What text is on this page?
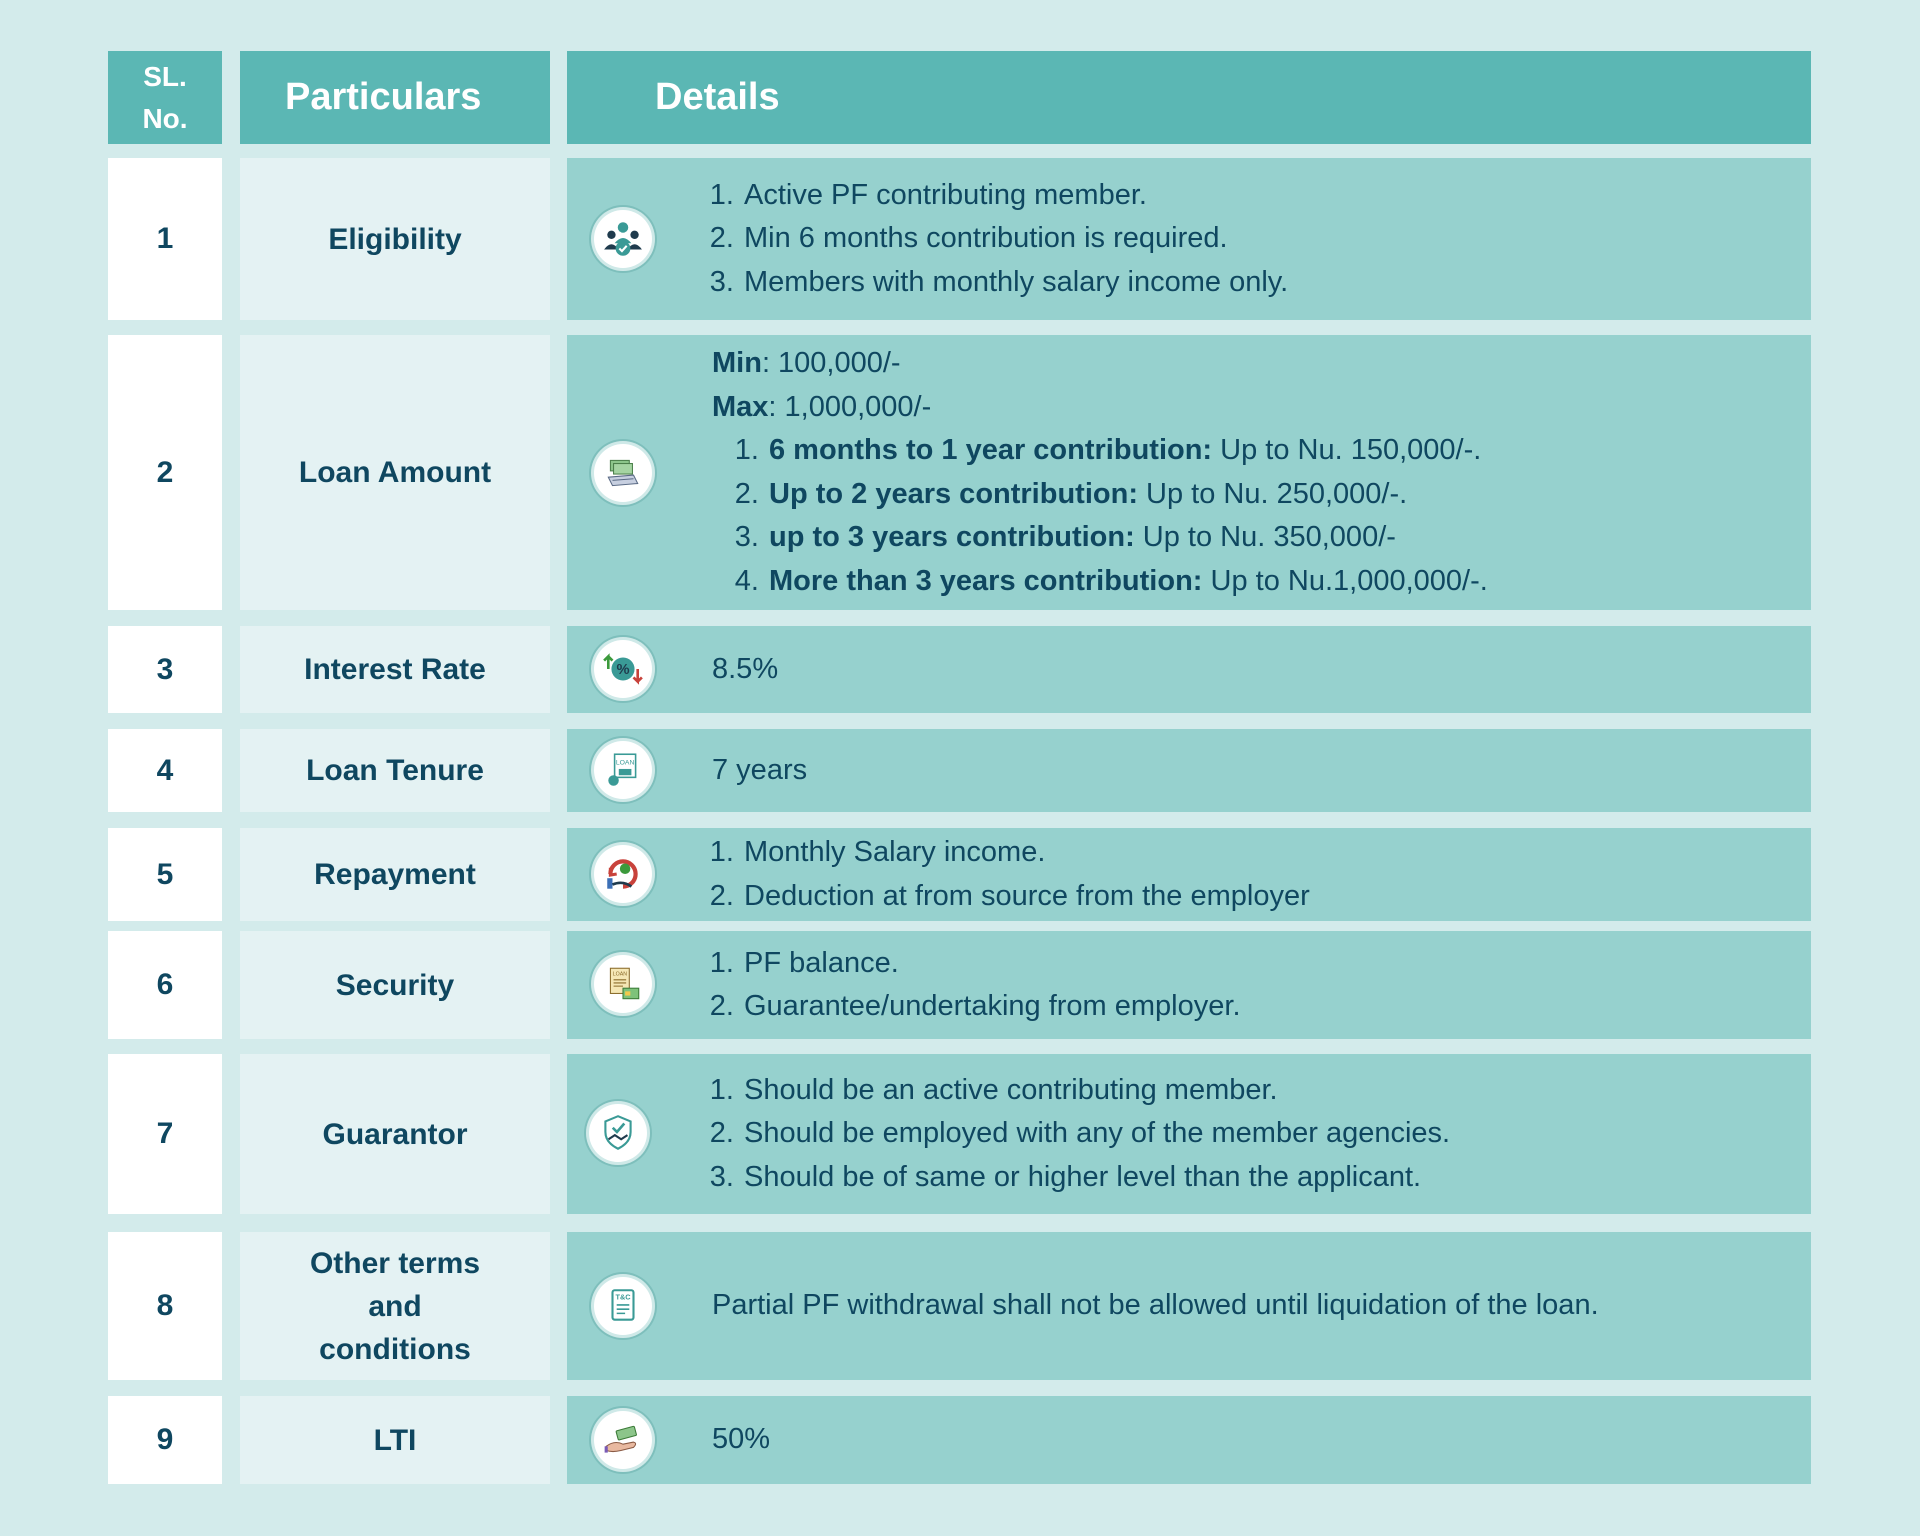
SL.
No.	Particulars	Details
1	Eligibility
1. Active PF contributing member.
2. Min 6 months contribution is required.
3. Members with monthly salary income only.
2	Loan Amount
Min: 100,000/-
Max: 1,000,000/-
1. 6 months to 1 year contribution: Up to Nu. 150,000/-.
2. Up to 2 years contribution: Up to Nu. 250,000/-.
3. up to 3 years contribution: Up to Nu. 350,000/-
4. More than 3 years contribution: Up to Nu.1,000,000/-.
3	Interest Rate	%	8.5%
4	Loan Tenure	LOAN	7 years
5	Repayment
1. Monthly Salary income.
2. Deduction at from source from the employer
6	Security	LOAN
1.	PF balance.
2. Guarantee/undertaking from employer.
7	Guarantor
1. Should be an active contributing member.
2. Should be employed with any of the member agencies.
3. Should be of same or higher level than the applicant.
8
Other terms
and
conditions
T&C	Partial PF withdrawal shall not be allowed until liquidation of the loan.
9	LTI	50%
